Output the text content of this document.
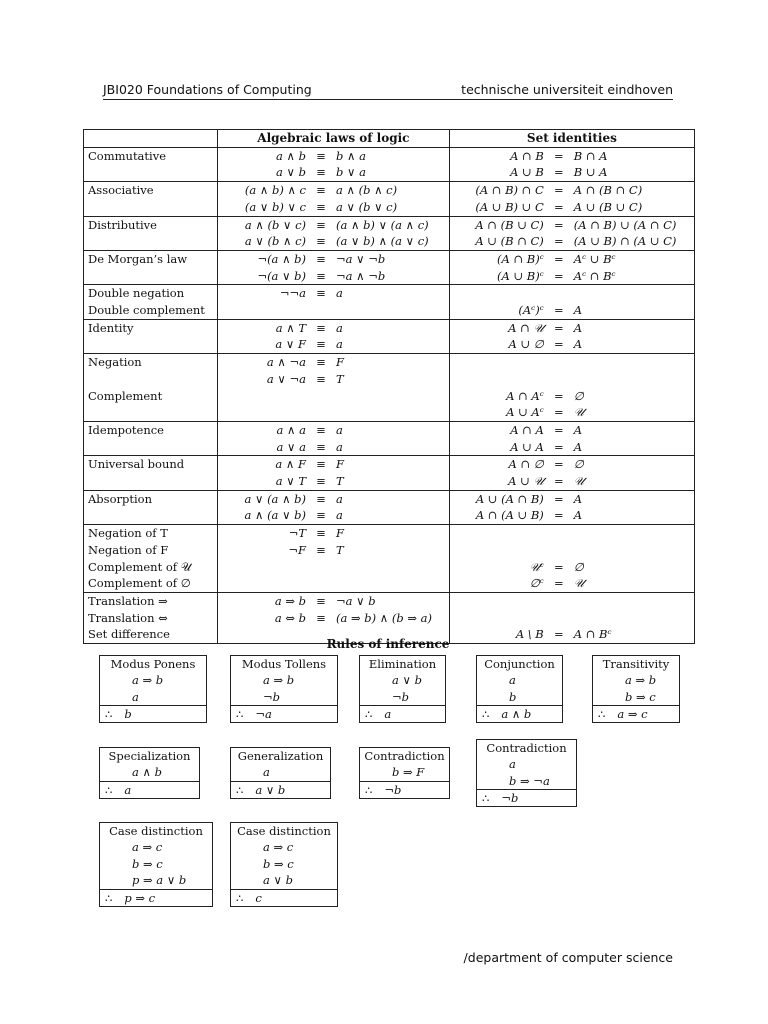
JBI020 Foundations of Computing	technische universiteit eindhoven
	Algebraic laws of logic			Set identities		
Commutative	a ∧ b	≡	b ∧ a	A ∩ B	=	B ∩ A
	a ∨ b	≡	b ∨ a	A ∪ B	=	B ∪ A
Associative	(a ∧ b) ∧ c	≡	a ∧ (b ∧ c)	(A ∩ B) ∩ C	=	A ∩ (B ∩ C)
	(a ∨ b) ∨ c	≡	a ∨ (b ∨ c)	(A ∪ B) ∪ C	=	A ∪ (B ∪ C)
Distributive	a ∧ (b ∨ c)	≡	(a ∧ b) ∨ (a ∧ c)	A ∩ (B ∪ C)	=	(A ∩ B) ∪ (A ∩ C)
	a ∨ (b ∧ c)	≡	(a ∨ b) ∧ (a ∨ c)	A ∪ (B ∩ C)	=	(A ∪ B) ∩ (A ∪ C)
De Morgan’s law	¬(a ∧ b)	≡	¬a ∨ ¬b	(A ∩ B)ᶜ	=	Aᶜ ∪ Bᶜ
	¬(a ∨ b)	≡	¬a ∧ ¬b	(A ∪ B)ᶜ	=	Aᶜ ∩ Bᶜ
Double negation	¬¬a	≡	a			
Double complement				(Aᶜ)ᶜ	=	A
Identity	a ∧ T	≡	a	A ∩ 𝒰	=	A
	a ∨ F	≡	a	A ∪ ∅	=	A
Negation	a ∧ ¬a	≡	F			
	a ∨ ¬a	≡	T			
Complement				A ∩ Aᶜ	=	∅
				A ∪ Aᶜ	=	𝒰
Idempotence	a ∧ a	≡	a	A ∩ A	=	A
	a ∨ a	≡	a	A ∪ A	=	A
Universal bound	a ∧ F	≡	F	A ∩ ∅	=	∅
	a ∨ T	≡	T	A ∪ 𝒰	=	𝒰
Absorption	a ∨ (a ∧ b)	≡	a	A ∪ (A ∩ B)	=	A
	a ∧ (a ∨ b)	≡	a	A ∩ (A ∪ B)	=	A
Negation of T	¬T	≡	F			
Negation of F	¬F	≡	T			
Complement of 𝒰				𝒰ᶜ	=	∅
Complement of ∅				∅ᶜ	=	𝒰
Translation ⇒	a ⇒ b	≡	¬a ∨ b			
Translation ⇔	a ⇔ b	≡	(a ⇒ b) ∧ (b ⇒ a)			
Set difference				A \ B	=	A ∩ Bᶜ
Rules of inference
Modus Ponens
a ⇒ b
a
∴ b
Modus Tollens
a ⇒ b
¬b
∴ ¬a
Elimination
a ∨ b
¬b
∴ a
Conjunction
a
b
∴ a ∧ b
Transitivity
a ⇒ b
b ⇒ c
∴ a ⇒ c
Specialization
a ∧ b
∴ a
Generalization
a
∴ a ∨ b
Contradiction
b ⇒ F
∴ ¬b
Contradiction
a
b ⇒ ¬a
∴ ¬b
Case distinction
a ⇒ c
b ⇒ c
p ⇒ a ∨ b
∴ p ⇒ c
Case distinction
a ⇒ c
b ⇒ c
a ∨ b
∴ c
/department of computer science
